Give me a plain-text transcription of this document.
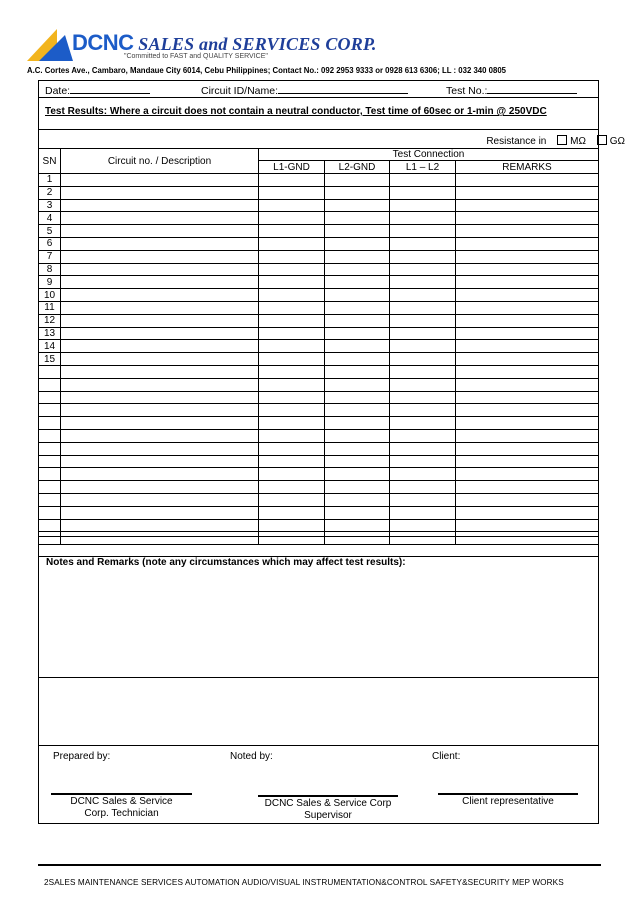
DCNC SALES and SERVICES CORP.
"Committed to FAST and QUALITY SERVICE"
A.C. Cortes Ave., Cambaro, Mandaue City 6014, Cebu Philippines; Contact No.: 092 2953 9333 or 0928 613 6306; LL : 032 340 0805
Date:	Circuit ID/Name:	Test No.:
Test Results: Where a circuit does not contain a neutral conductor, Test time of 60sec or 1-min @ 250VDC
Resistance in MΩ GΩ
SN	Circuit no. / Description	Test Connection			
		L1-GND	L2-GND	L1 – L2	REMARKS
1					
2					
3					
4					
5					
6					
7					
8					
9					
10					
11					
12					
13					
14					
15					

Notes and Remarks (note any circumstances which may affect test results):
Prepared by:	Noted by:	Client:
DCNC Sales & Service
Corp. Technician
DCNC Sales & Service Corp
Supervisor
Client representative
2SALES MAINTENANCE SERVICES AUTOMATION AUDIO/VISUAL INSTRUMENTATION&CONTROL SAFETY&SECURITY MEP WORKS
